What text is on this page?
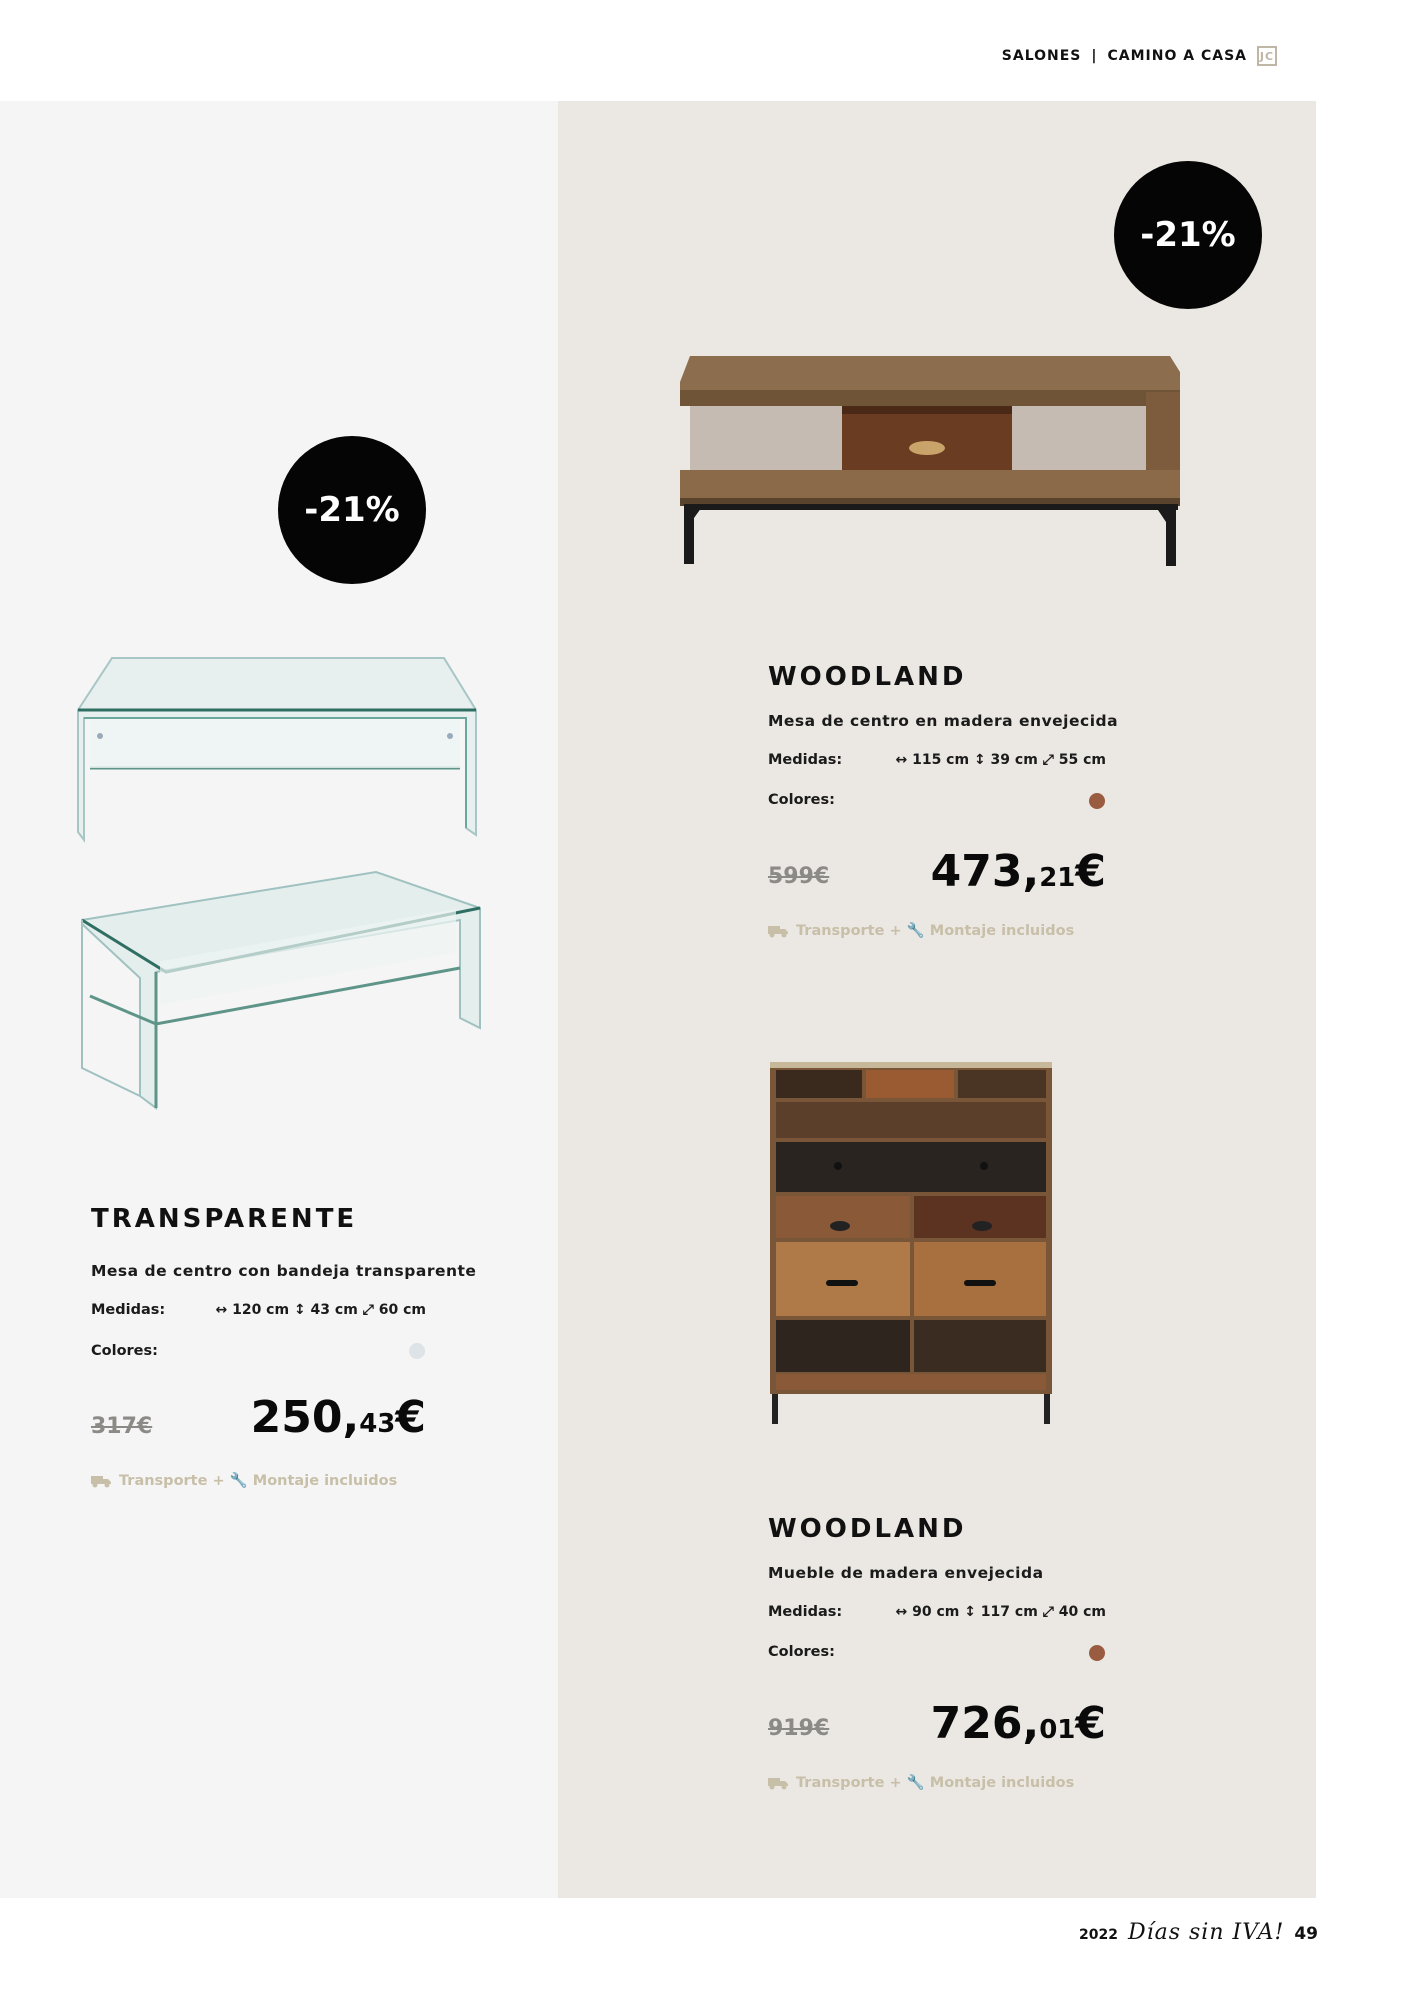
SALONES | CAMINO A CASA JC
-21%
TRANSPARENTE
Mesa de centro con bandeja transparente
Medidas:	↔ 120 cm ↕ 43 cm ⤢ 60 cm
Colores:
317€ 250,43€
Transporte + 🔧 Montaje incluidos
-21%
WOODLAND
Mesa de centro en madera envejecida
Medidas:	↔ 115 cm ↕ 39 cm ⤢ 55 cm
Colores:
599€ 473,21€
Transporte + 🔧 Montaje incluidos
WOODLAND
Mueble de madera envejecida
Medidas:	↔ 90 cm ↕ 117 cm ⤢ 40 cm
Colores:
919€ 726,01€
Transporte + 🔧 Montaje incluidos
2022 Días sin IVA! 49
